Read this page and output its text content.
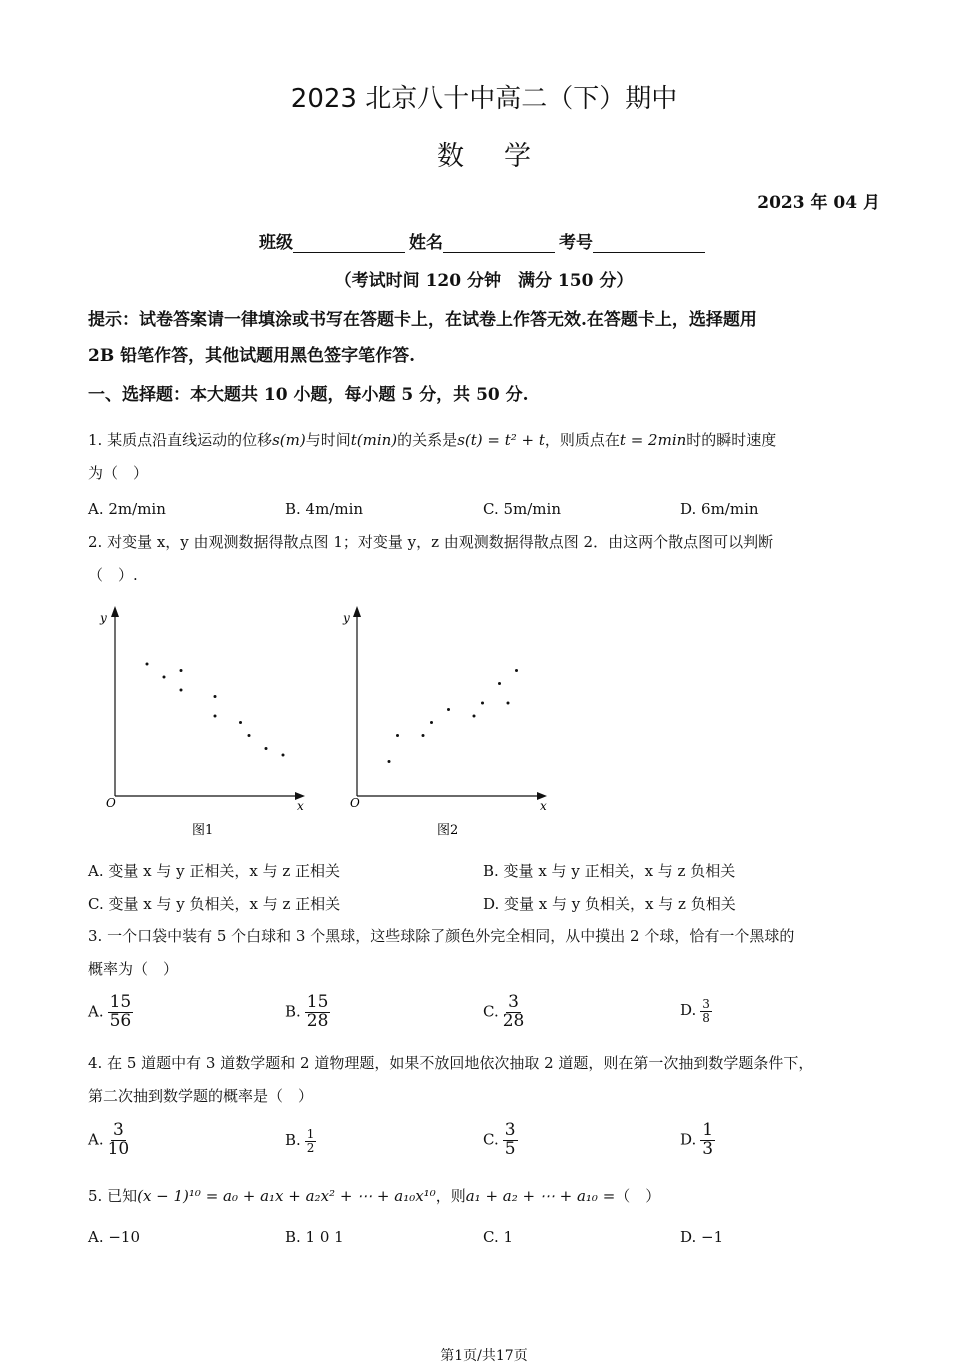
2023 北京八十中高二（下）期中
数学
2023 年 04 月
班级	姓名	考号
（考试时间 120 分钟　满分 150 分）
提示：试卷答案请一律填涂或书写在答题卡上，在试卷上作答无效.在答题卡上，选择题用
2B 铅笔作答，其他试题用黑色签字笔作答.
一、选择题：本大题共 10 小题，每小题 5 分，共 50 分.
1. 某质点沿直线运动的位移s(m)与时间t(min)的关系是s(t) = t² + t，则质点在t = 2min时的瞬时速度
为（　）
A. 2m/min	B. 4m/min	C. 5m/min	D. 6m/min
2. 对变量 x，y 由观测数据得散点图 1；对变量 y，z 由观测数据得散点图 2．由这两个散点图可以判断
（　）.
y
x
O
图1
y
x
O
图2
A. 变量 x 与 y 正相关，x 与 z 正相关	B. 变量 x 与 y 正相关，x 与 z 负相关
C. 变量 x 与 y 负相关，x 与 z 正相关	D. 变量 x 与 y 负相关，x 与 z 负相关
3. 一个口袋中装有 5 个白球和 3 个黑球，这些球除了颜色外完全相同，从中摸出 2 个球，恰有一个黑球的
概率为（　）
A. $\frac{15}{56}$	B. $\frac{15}{28}$	C. $\frac{3}{28}$	D. $\frac{3}{8}$
4. 在 5 道题中有 3 道数学题和 2 道物理题，如果不放回地依次抽取 2 道题，则在第一次抽到数学题条件下，
第二次抽到数学题的概率是（　）
A. $\frac{3}{10}$	B. $\frac{1}{2}$	C. $\frac{3}{5}$	D. $\frac{1}{3}$
5. 已知(x − 1)¹⁰ = a₀ + a₁x + a₂x² + ⋯ + a₁₀x¹⁰，则a₁ + a₂ + ⋯ + a₁₀ =（　）
A. −10	B. 1 0 1	C. 1	D. −1
第1页/共17页
